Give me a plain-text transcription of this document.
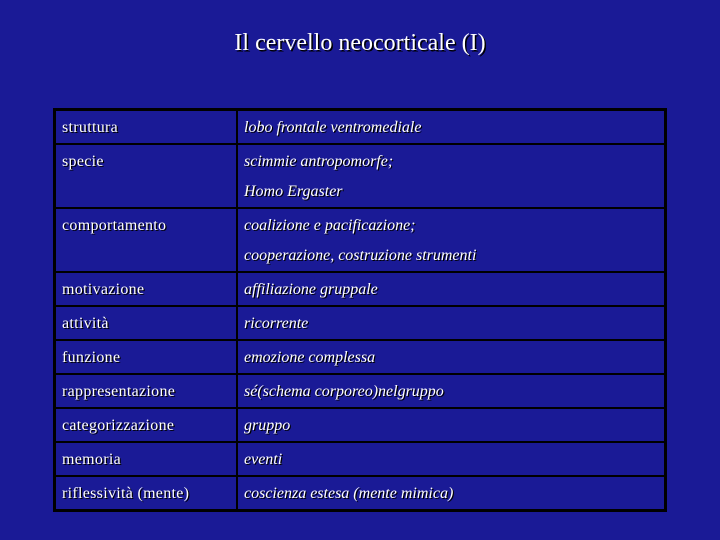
Il cervello neocorticale (I)
struttura	lobo frontale ventromediale

specie	scimmie antropomorfe;
Homo Ergaster

comportamento	coalizione e pacificazione;
cooperazione, costruzione strumenti

motivazione	affiliazione gruppale

attività	ricorrente

funzione	emozione complessa

rappresentazione	sé(schema corporeo)nelgruppo

categorizzazione	gruppo

memoria	eventi

riflessività (mente)	coscienza estesa (mente mimica)
